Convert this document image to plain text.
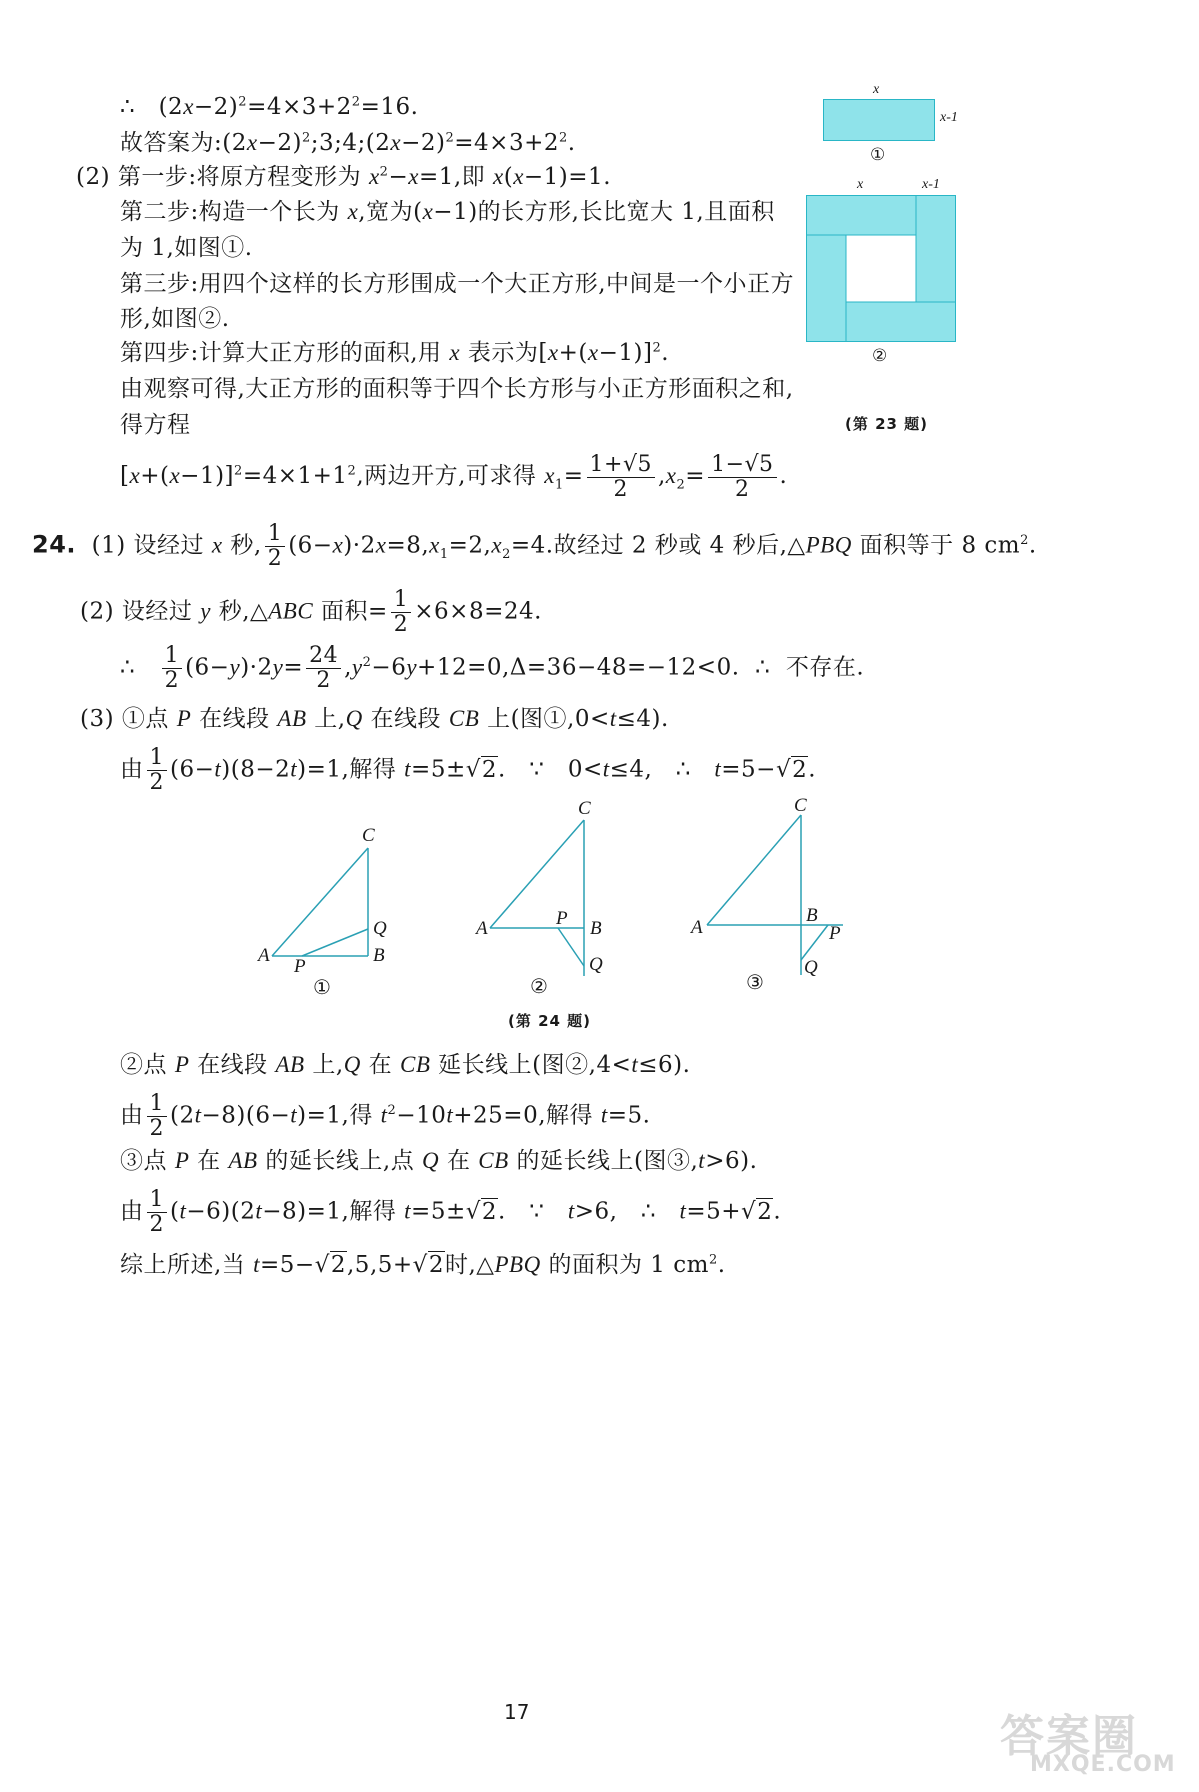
∴   $(2x-2)^2=4\times 3+2^2=16$.
故答案为$:(2x-2)^2;3;4;(2x-2)^2=4\times 3+2^2$.
(2) 第一步:将原方程变形为 $x^2-x=1$,即 x(x−1)=1.
第二步:构造一个长为 x,宽为(x−1)的长方形,长比宽大 1,且面积
为 1,如图①.
第三步:用四个这样的长方形围成一个大正方形,中间是一个小正方
形,如图②.
第四步:计算大正方形的面积,用 x 表示为$[x+(x-1)]^2$.
由观察可得,大正方形的面积等于四个长方形与小正方形面积之和,
得方程
$[x+(x-1)]^2=4\times 1+1^2$,两边开方,可求得 $x_1= \frac{1+√5}{2} ,x_2= \frac{1-√5}{2}$ .
x
x-1
①
x	x-1
②
(第 23 题)
24.  (1) 设经过 x 秒, $\frac{1}{2} (6-x)\cdot 2x=8,x_1=2,x_2=4$.故经过 2 秒或 4 秒后,△PBQ 面积等于 8 $cm^2$.
(2) 设经过 y 秒,△ABC 面积= $\frac{1}{2} \times 6\times 8=24$.
∴ $\frac{1}{2} (6-y)\cdot 2y= \frac{24}{2} ,y^2-6y+12=0,\Delta=36-48=-12<0$.  ∴  不存在.
(3) ①点 P 在线段 AB 上,Q 在线段 CB 上(图①,0<t≤4).
由 $\frac{1}{2} (6-t)(8-2t)=1$,解得 t=5±√2.   ∵   0<t≤4,   ∴   t=5−√2.
C
Q
A
P
B
①
C
P
A	B
Q
②
C
B
A	P
Q
③
(第 24 题)
②点 P 在线段 AB 上,Q 在 CB 延长线上(图②,4<t≤6).
由 $\frac{1}{2} (2t-8)(6-t)=1$,得 $t^2-10t+25=0$,解得 t=5.
③点 P 在 AB 的延长线上,点 Q 在 CB 的延长线上(图③,t>6).
由 $\frac{1}{2} (t-6)(2t-8)=1$,解得 t=5±√2.   ∵   t>6,   ∴   t=5+√2.
综上所述,当 t=5−√2,5,5+√2时,△PBQ 的面积为 1 $cm^2$.
17	答案圈
MXQE.COM
